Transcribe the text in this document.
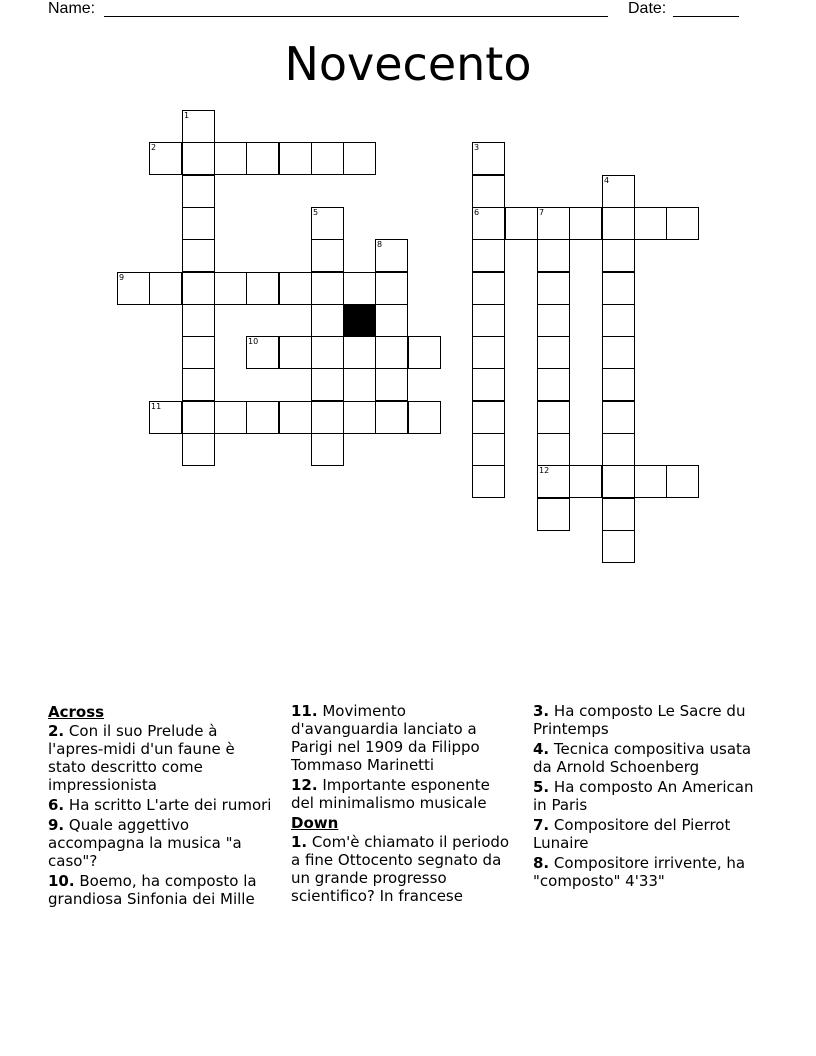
Name:	Date:
Novecento
2
6	7
9
10
11
12
1
3
4
5
8
Across
2. Con il suo Prelude à l'apres-midi d'un faune è stato descritto come impressionista
6. Ha scritto L'arte dei rumori
9. Quale aggettivo accompagna la musica "a caso"?
10. Boemo, ha composto la grandiosa Sinfonia dei Mille
11. Movimento d'avanguardia lanciato a Parigi nel 1909 da Filippo Tommaso Marinetti
12. Importante esponente del minimalismo musicale
Down
1. Com'è chiamato il periodo a fine Ottocento segnato da un grande progresso scientifico? In francese
3. Ha composto Le Sacre du Printemps
4. Tecnica compositiva usata da Arnold Schoenberg
5. Ha composto An American in Paris
7. Compositore del Pierrot Lunaire
8. Compositore irrivente, ha "composto" 4'33"
